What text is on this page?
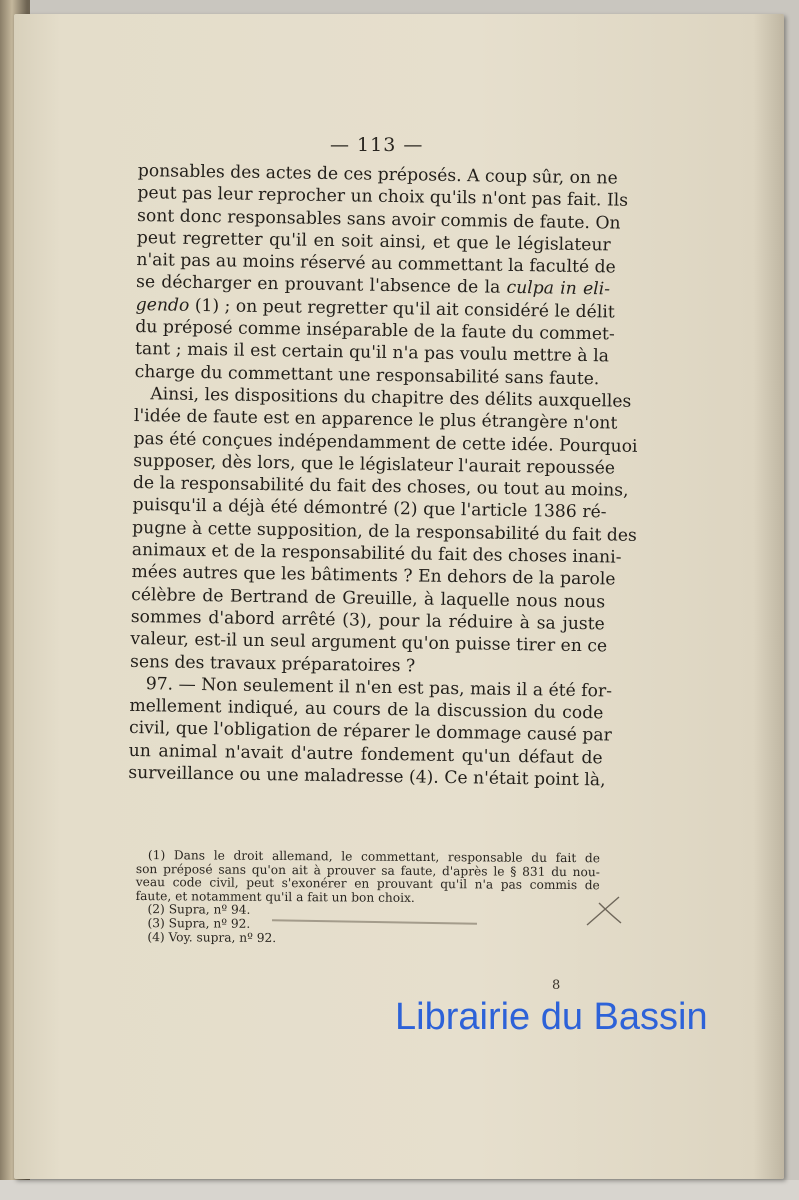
— 113 —
ponsables des actes de ces préposés. A coup sûr, on ne
peut pas leur reprocher un choix qu'ils n'ont pas fait. Ils
sont donc responsables sans avoir commis de faute. On
peut regretter qu'il en soit ainsi, et que le législateur
n'ait pas au moins réservé au commettant la faculté de
se décharger en prouvant l'absence de la culpa in eli-
gendo (1) ; on peut regretter qu'il ait considéré le délit
du préposé comme inséparable de la faute du commet-
tant ; mais il est certain qu'il n'a pas voulu mettre à la
charge du commettant une responsabilité sans faute.
Ainsi, les dispositions du chapitre des délits auxquelles
l'idée de faute est en apparence le plus étrangère n'ont
pas été conçues indépendamment de cette idée. Pourquoi
supposer, dès lors, que le législateur l'aurait repoussée
de la responsabilité du fait des choses, ou tout au moins,
puisqu'il a déjà été démontré (2) que l'article 1386 ré-
pugne à cette supposition, de la responsabilité du fait des
animaux et de la responsabilité du fait des choses inani-
mées autres que les bâtiments ? En dehors de la parole
célèbre de Bertrand de Greuille, à laquelle nous nous
sommes d'abord arrêté (3), pour la réduire à sa juste
valeur, est-il un seul argument qu'on puisse tirer en ce
sens des travaux préparatoires ?
97. — Non seulement il n'en est pas, mais il a été for-
mellement indiqué, au cours de la discussion du code
civil, que l'obligation de réparer le dommage causé par
un animal n'avait d'autre fondement qu'un défaut de
surveillance ou une maladresse (4). Ce n'était point là,
(1) Dans le droit allemand, le commettant, responsable du fait de
son préposé sans qu'on ait à prouver sa faute, d'après le § 831 du nou-
veau code civil, peut s'exonérer en prouvant qu'il n'a pas commis de
faute, et notamment qu'il a fait un bon choix.
(2) Supra, nº 94.
(3) Supra, nº 92.
(4) Voy. supra, nº 92.
8
Librairie du Bassin
